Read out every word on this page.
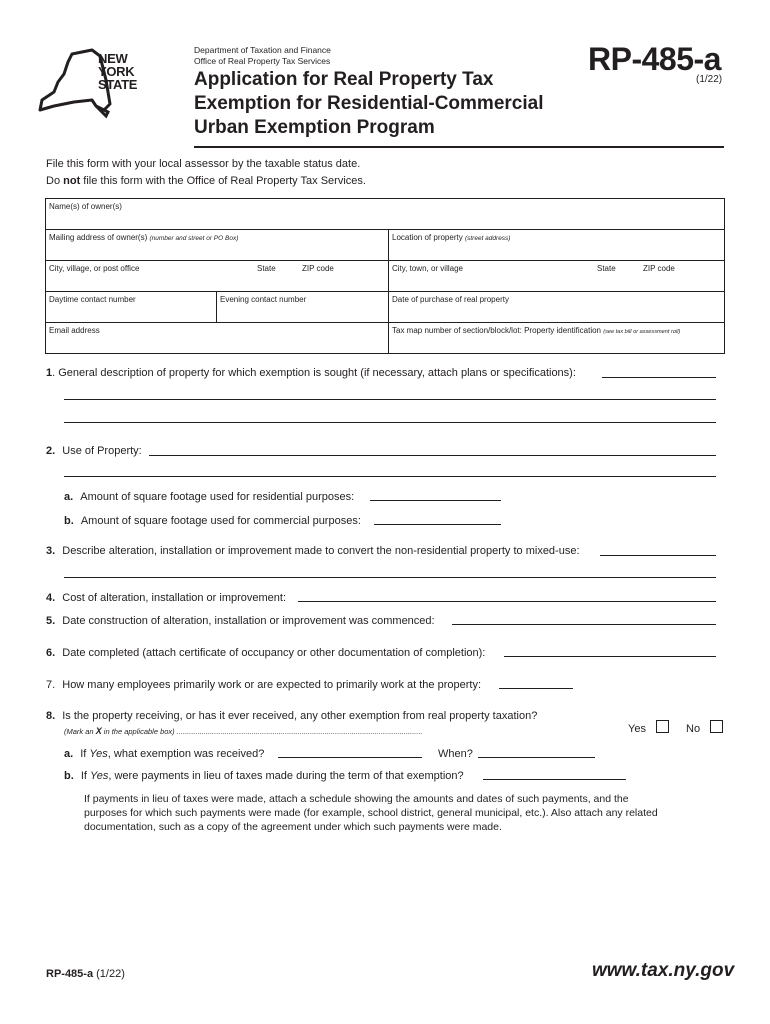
NEW
YORK
STATE
Department of Taxation and Finance
Office of Real Property Tax Services
Application for Real Property Tax
Exemption for Residential-Commercial
Urban Exemption Program
RP-485-a
(1/22)
File this form with your local assessor by the taxable status date.
Do not file this form with the Office of Real Property Tax Services.
Name(s) of owner(s)
Mailing address of owner(s) (number and street or PO Box)	Location of property (street address)
City, village, or post office	State	ZIP code	City, town, or village	State	ZIP code
Daytime contact number	Evening contact number	Date of purchase of real property
Email address	Tax map number of section/block/lot: Property identification (see tax bill or assessment roll)
1. General description of property for which exemption is sought (if necessary, attach plans or specifications):
2. Use of Property:
a. Amount of square footage used for residential purposes:
b. Amount of square footage used for commercial purposes:
3. Describe alteration, installation or improvement made to convert the non-residential property to mixed-use:
4. Cost of alteration, installation or improvement:
5. Date construction of alteration, installation or improvement was commenced:
6. Date completed (attach certificate of occupancy or other documentation of completion):
7. How many employees primarily work or are expected to primarily work at the property:
8. Is the property receiving, or has it ever received, any other exemption from real property taxation?
(Mark an X in the applicable box) ......................................................................................................................	Yes	No
a. If Yes, what exemption was received?	When?
b. If Yes, were payments in lieu of taxes made during the term of that exemption?
If payments in lieu of taxes were made, attach a schedule showing the amounts and dates of such payments, and the
purposes for which such payments were made (for example, school district, general municipal, etc.). Also attach any related
documentation, such as a copy of the agreement under which such payments were made.
RP-485-a (1/22)	www.tax.ny.gov
